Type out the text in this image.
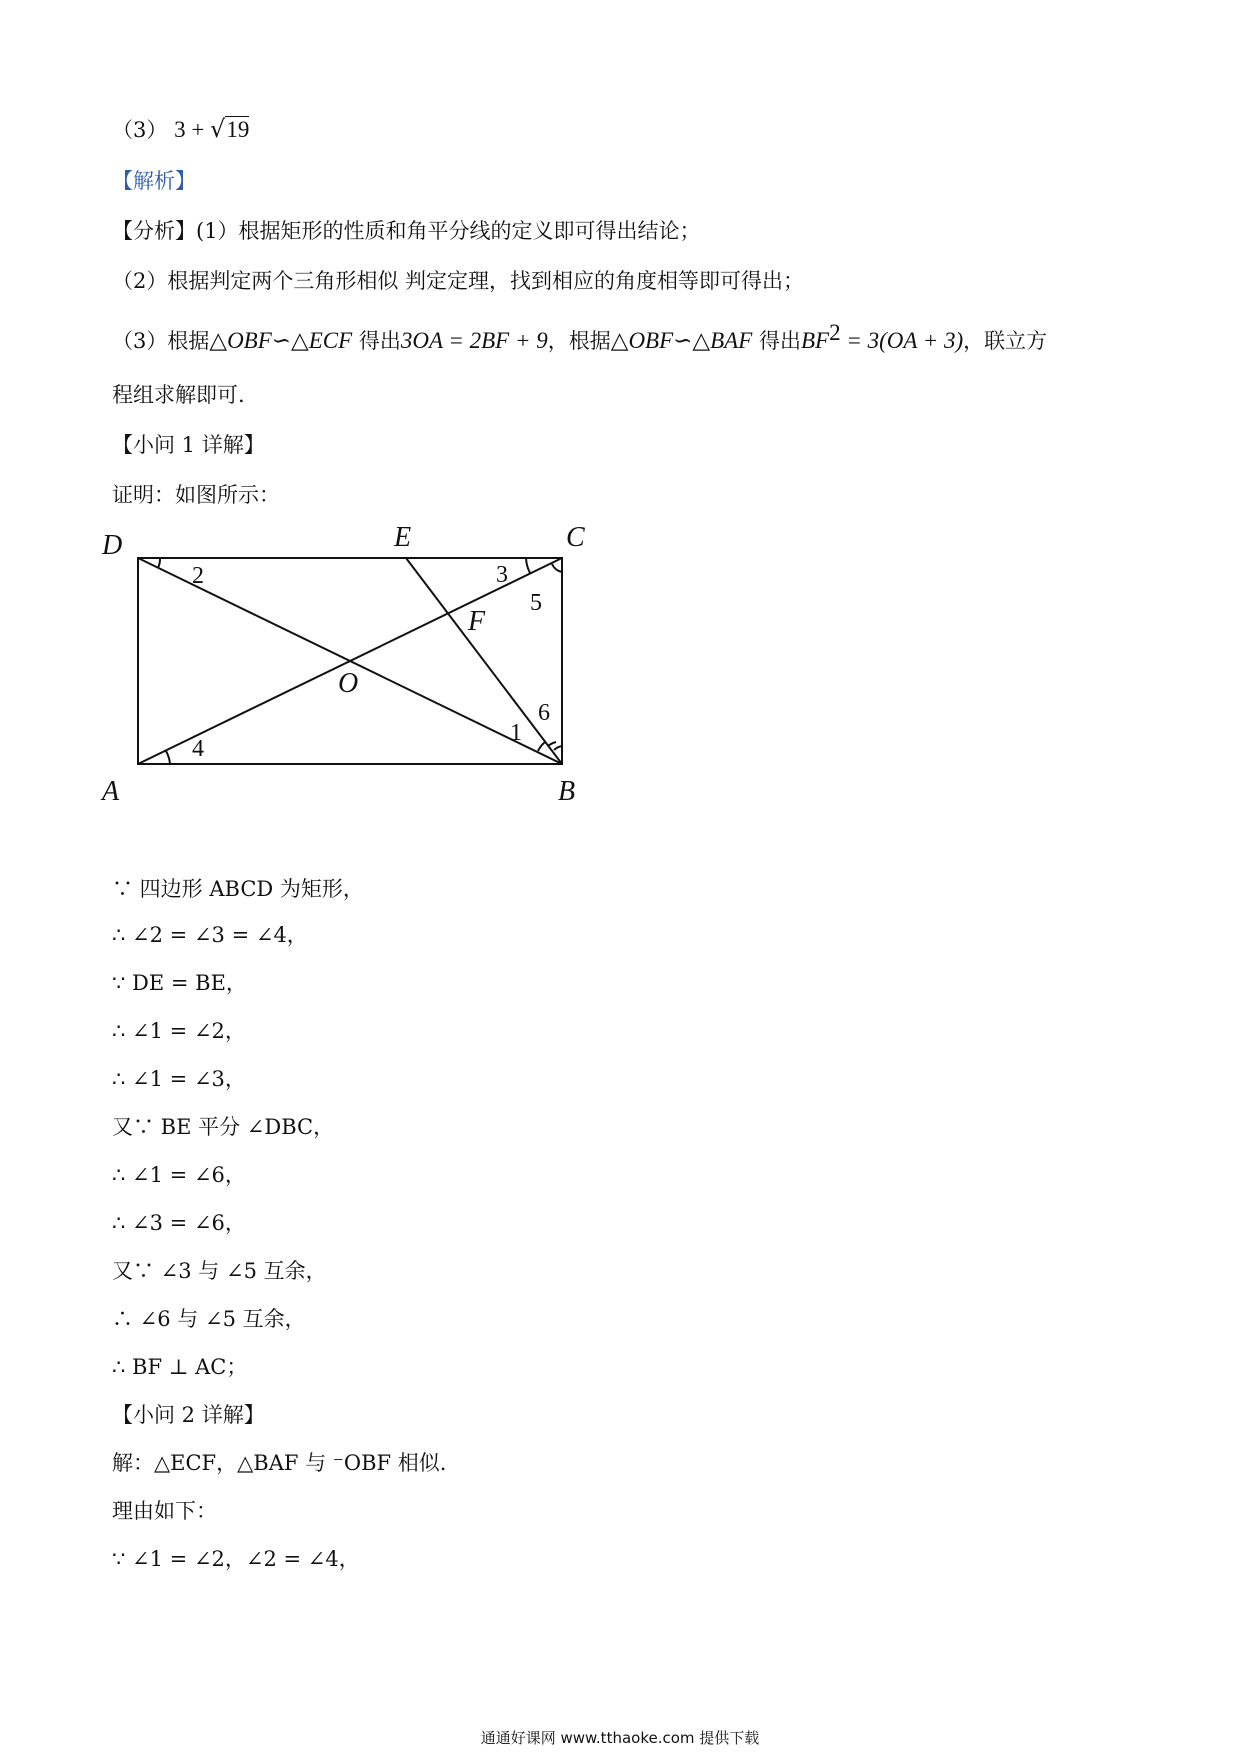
（3） 3 + √19
【解析】
【分析】(1）根据矩形的性质和角平分线的定义即可得出结论；
（2）根据判定两个三角形相似 判定定理，找到相应的角度相等即可得出；
（3）根据△OBF∽△ECF 得出3OA = 2BF + 9，根据△OBF∽△BAF 得出$BF^2 = 3(OA + 3)$，联立方
程组求解即可.
【小问 1 详解】
证明：如图所示：
D	E	C
A	B
F
O
2	3
5
4
1
6
∵ 四边形 ABCD 为矩形，
∴ ∠2 = ∠3 = ∠4，
∵ DE = BE，
∴ ∠1 = ∠2，
∴ ∠1 = ∠3，
又∵ BE 平分 ∠DBC，
∴ ∠1 = ∠6，
∴ ∠3 = ∠6，
又∵ ∠3 与 ∠5 互余，
∴ ∠6 与 ∠5 互余，
∴ BF ⊥ AC；
【小问 2 详解】
解：△ECF，△BAF 与 ⁻OBF 相似.
理由如下：
∵ ∠1 = ∠2，∠2 = ∠4，
通通好课网 www.tthaoke.com 提供下载
